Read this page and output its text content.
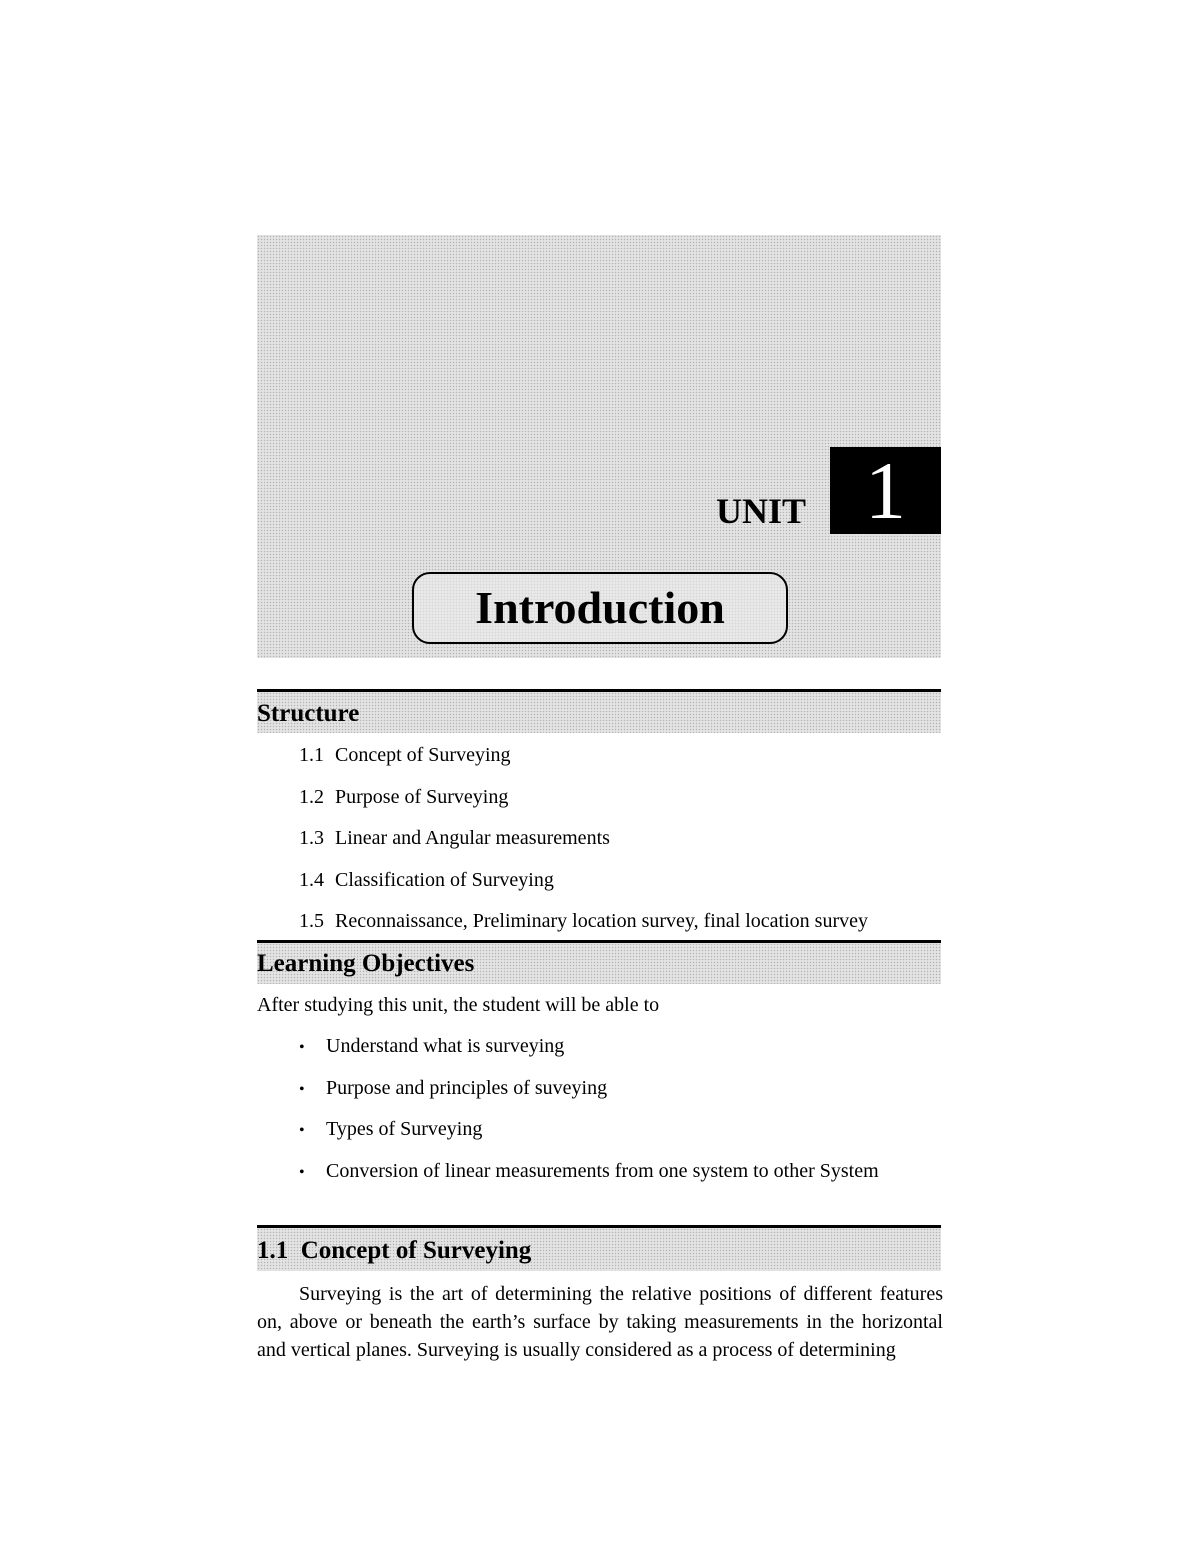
UNIT 1
Introduction
Structure
1.1 Concept of Surveying
1.2 Purpose of Surveying
1.3 Linear and Angular measurements
1.4 Classification of Surveying
1.5 Reconnaissance, Preliminary location survey, final location survey
Learning Objectives
After studying this unit, the student will be able to
• Understand what is surveying
• Purpose and principles of suveying
• Types of Surveying
• Conversion of linear measurements from one system to other System
1.1  Concept of Surveying
Surveying is the art of determining the relative positions of different features on, above or beneath the earth’s surface by taking measurements in the horizontal and vertical planes. Surveying is usually considered as a process of determining
